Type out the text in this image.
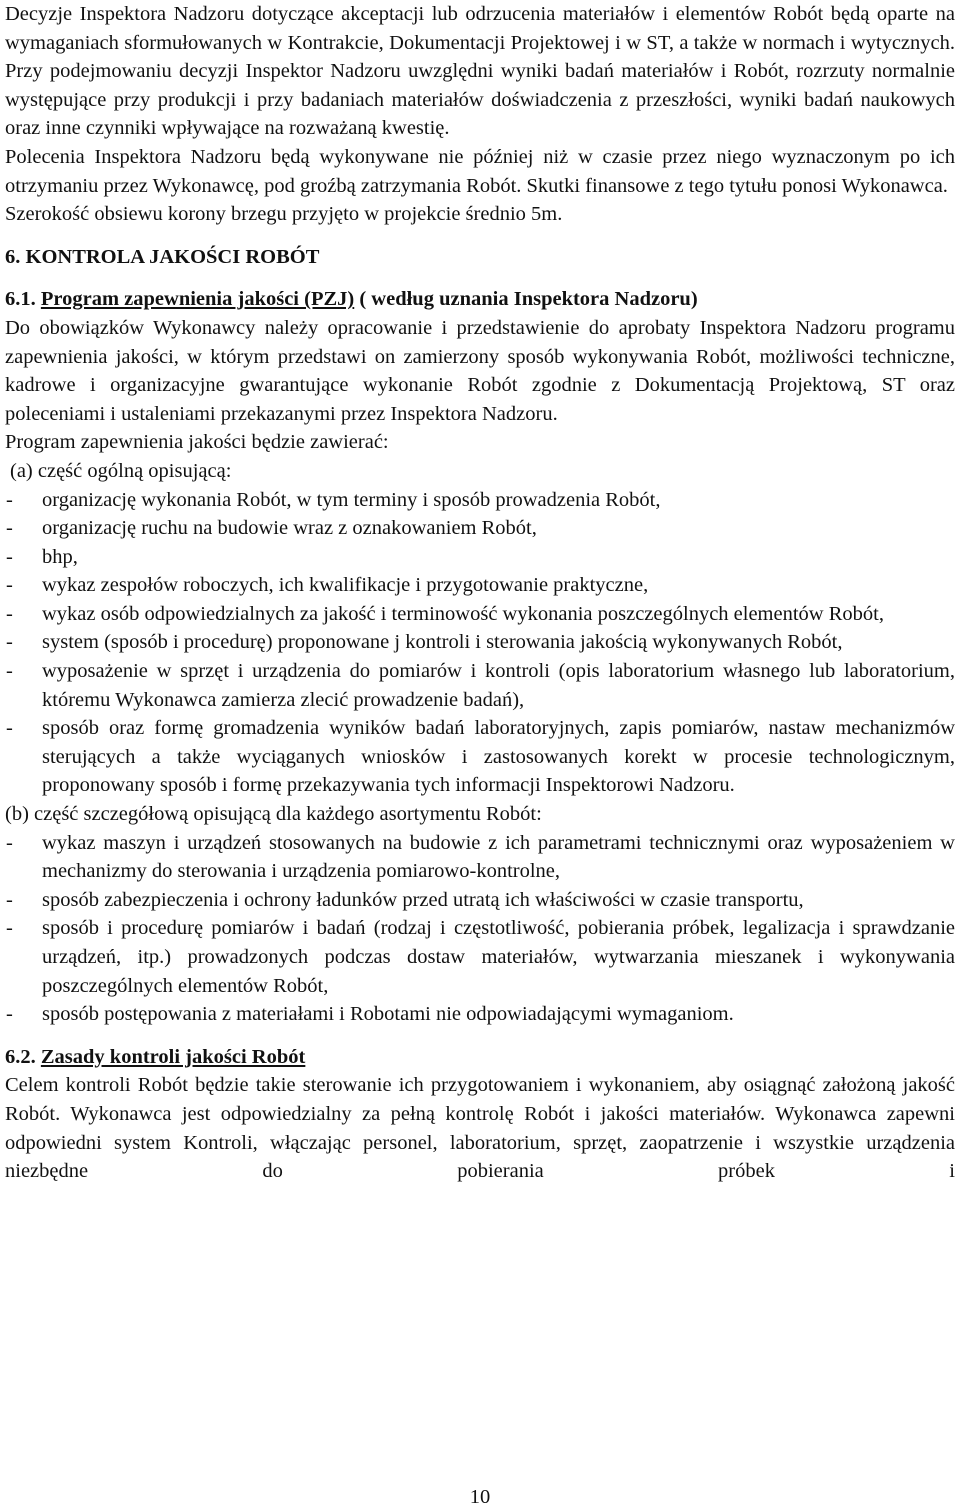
Decyzje Inspektora Nadzoru dotyczące akceptacji lub odrzucenia materiałów i elementów Robót będą oparte na wymaganiach sformułowanych w Kontrakcie, Dokumentacji Projektowej i w ST, a także w normach i wytycznych. Przy podejmowaniu decyzji Inspektor Nadzoru uwzględni wyniki badań materiałów i Robót, rozrzuty normalnie występujące przy produkcji i przy badaniach materiałów doświadczenia z przeszłości, wyniki badań naukowych oraz inne czynniki wpływające na rozważaną kwestię.

Polecenia Inspektora Nadzoru będą wykonywane nie później niż w czasie przez niego wyznaczonym po ich otrzymaniu przez Wykonawcę, pod groźbą zatrzymania Robót. Skutki finansowe z tego tytułu ponosi Wykonawca.

Szerokość obsiewu korony brzegu przyjęto w projekcie średnio 5m.

6. KONTROLA JAKOŚCI ROBÓT

6.1. Program zapewnienia jakości (PZJ) ( według uznania Inspektora Nadzoru)

Do obowiązków Wykonawcy należy opracowanie i przedstawienie do aprobaty Inspektora Nadzoru programu zapewnienia jakości, w którym przedstawi on zamierzony sposób wykonywania Robót, możliwości techniczne, kadrowe i organizacyjne gwarantujące wykonanie Robót zgodnie z Dokumentacją Projektową, ST oraz poleceniami i ustaleniami przekazanymi przez Inspektora Nadzoru.

Program zapewnienia jakości będzie zawierać:

(a) część ogólną opisującą:

- organizację wykonania Robót, w tym terminy i sposób prowadzenia Robót,
- organizację ruchu na budowie wraz z oznakowaniem Robót,
- bhp,
- wykaz zespołów roboczych, ich kwalifikacje i przygotowanie praktyczne,
- wykaz osób odpowiedzialnych za jakość i terminowość wykonania poszczególnych elementów Robót,
- system (sposób i procedurę) proponowane j kontroli i sterowania jakością wykonywanych Robót,
- wyposażenie w sprzęt i urządzenia do pomiarów i kontroli (opis laboratorium własnego lub laboratorium, któremu Wykonawca zamierza zlecić prowadzenie badań),
- sposób oraz formę gromadzenia wyników badań laboratoryjnych, zapis pomiarów, nastaw mechanizmów sterujących a także wyciąganych wniosków i zastosowanych korekt w procesie technologicznym, proponowany sposób i formę przekazywania tych informacji Inspektorowi Nadzoru.

(b) część szczegółową opisującą dla każdego asortymentu Robót:

- wykaz maszyn i urządzeń stosowanych na budowie z ich parametrami technicznymi oraz wyposażeniem w mechanizmy do sterowania i urządzenia pomiarowo-kontrolne,
- sposób zabezpieczenia i ochrony ładunków przed utratą ich właściwości w czasie transportu,
- sposób i procedurę pomiarów i badań (rodzaj i częstotliwość, pobierania próbek, legalizacja i sprawdzanie urządzeń, itp.) prowadzonych podczas dostaw materiałów, wytwarzania mieszanek i wykonywania poszczególnych elementów Robót,
- sposób postępowania z materiałami i Robotami nie odpowiadającymi wymaganiom.

6.2. Zasady kontroli jakości Robót

Celem kontroli Robót będzie takie sterowanie ich przygotowaniem i wykonaniem, aby osiągnąć założoną jakość Robót. Wykonawca jest odpowiedzialny za pełną kontrolę Robót i jakości materiałów. Wykonawca zapewni odpowiedni system Kontroli, włączając personel, laboratorium, sprzęt, zaopatrzenie i wszystkie urządzenia niezbędne do pobierania próbek i

10
